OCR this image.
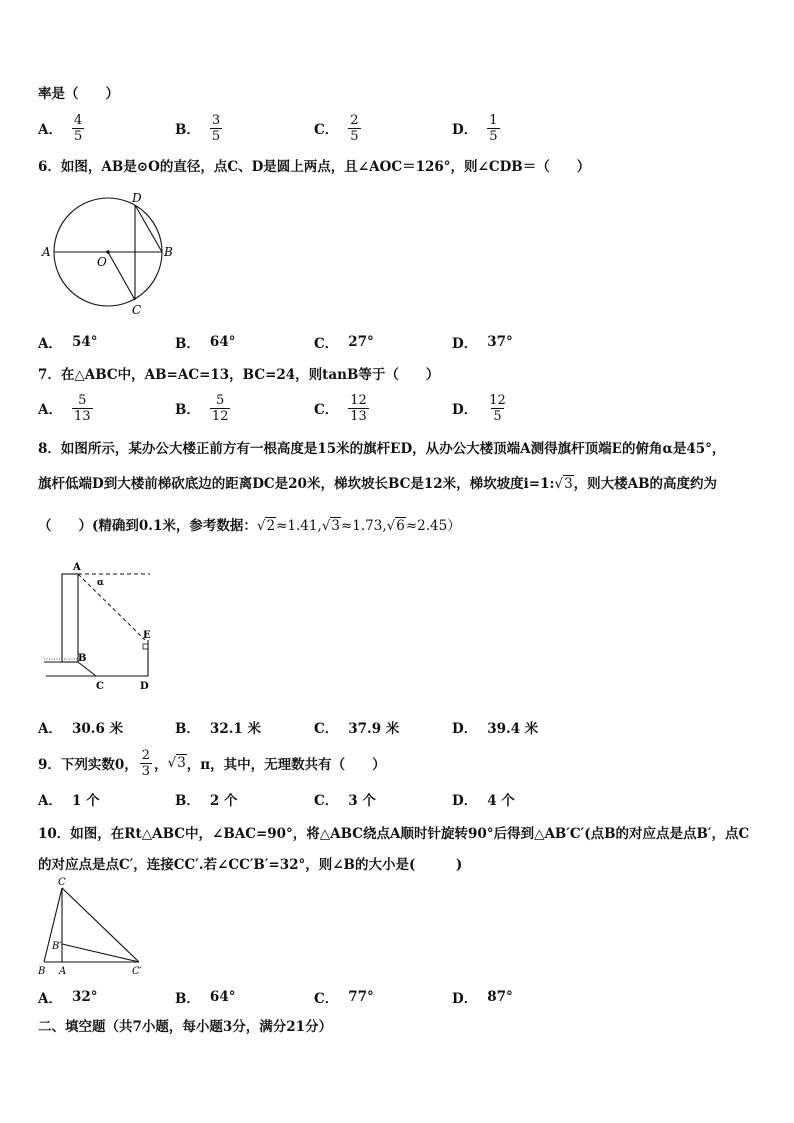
率是（　　）
A． $\frac{4}{5}$	B． $\frac{3}{5}$	C． $\frac{2}{5}$	D． $\frac{1}{5}$
6．如图，AB是⊙O的直径，点C、D是圆上两点，且∠AOC＝126°，则∠CDB＝（　　）
A	B
C
D
O
A． 54°	B． 64°	C． 27°	D． 37°
7．在△ABC中，AB=AC=13，BC=24，则tanB等于（　　）
A． $\frac{5}{13}$	B． $\frac{5}{12}$	C． $\frac{12}{13}$	D． $\frac{12}{5}$
8．如图所示，某办公大楼正前方有一根高度是15米的旗杆ED，从办公大楼顶端A测得旗杆顶端E的俯角α是45°，
旗杆低端D到大楼前梯砍底边的距离DC是20米，梯坎坡长BC是12米，梯坎坡度i=1:√3，则大楼AB的高度约为
（　　）(精确到0.1米，参考数据：√2≈1.41,√3≈1.73,√6≈2.45）
A
α
E
B
C	D
A． 30.6 米	B． 32.1 米	C． 37.9 米	D． 39.4 米
9．下列实数0，
2
3 ， √3 ，π，其中，无理数共有（　　）
A． 1 个	B． 2 个	C． 3 个	D． 4 个
10．如图，在Rt△ABC中，∠BAC=90°，将△ABC绕点A顺时针旋转90°后得到△AB′C′(点B的对应点是点B′，点C
的对应点是点C′，连接CC′.若∠CC′B′=32°，则∠B的大小是(　　　)
C
B′
B A	C′
A． 32°	B． 64°	C． 77°	D． 87°
二、填空题（共7小题，每小题3分，满分21分）
